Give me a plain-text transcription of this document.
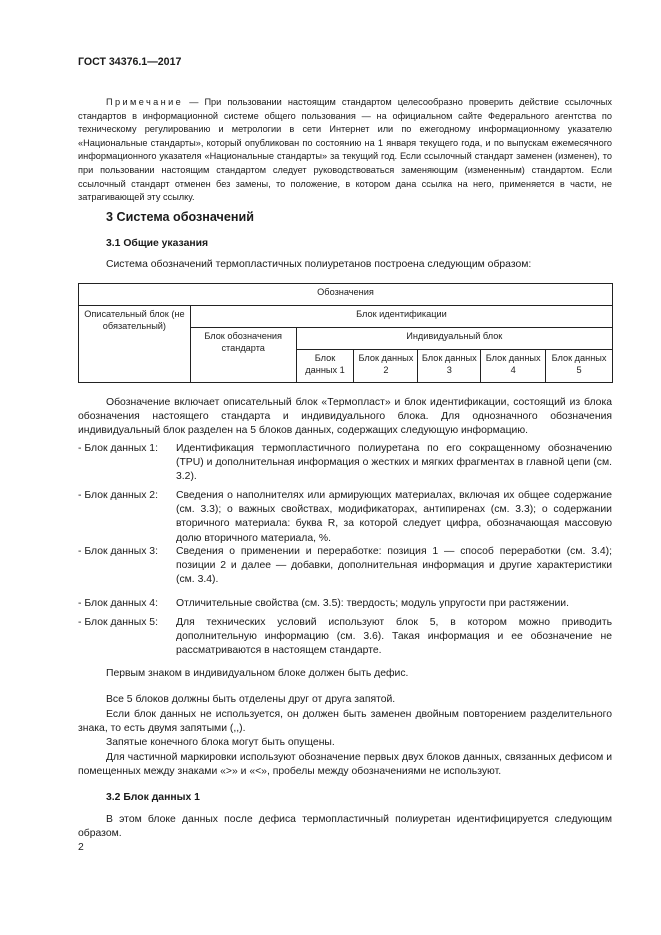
ГОСТ 34376.1—2017
Примечание — При пользовании настоящим стандартом целесообразно проверить действие ссылочных стандартов в информационной системе общего пользования — на официальном сайте Федерального агентства по техническому регулированию и метрологии в сети Интернет или по ежегодному информационному указателю «Национальные стандарты», который опубликован по состоянию на 1 января текущего года, и по выпускам ежемесячного информационного указателя «Национальные стандарты» за текущий год. Если ссылочный стандарт заменен (изменен), то при пользовании настоящим стандартом следует руководствоваться заменяющим (измененным) стандартом. Если ссылочный стандарт отменен без замены, то положение, в котором дана ссылка на него, применяется в части, не затрагивающей эту ссылку.
3 Система обозначений
3.1 Общие указания
Система обозначений термопластичных полиуретанов построена следующим образом:
Обозначения						
Описательный блок (не обязательный)	Блок идентификации					
	Блок обозначения стандарта	Индивидуальный блок				
		Блок данных 1	Блок данных 2	Блок данных 3	Блок данных 4	Блок данных 5
Обозначение включает описательный блок «Термопласт» и блок идентификации, состоящий из блока обозначения настоящего стандарта и индивидуального блока. Для однозначного обозначения индивидуальный блок разделен на 5 блоков данных, содержащих следующую информацию.
- Блок данных 1:	Идентификация термопластичного полиуретана по его сокращенному обозначению (TPU) и дополнительная информация о жестких и мягких фрагментах в главной цепи (см. 3.2).
- Блок данных 2:	Сведения о наполнителях или армирующих материалах, включая их общее содержание (см. 3.3); о важных свойствах, модификаторах, антипиренах (см. 3.3); о содержании вторичного материала: буква R, за которой следует цифра, обозначающая массовую долю вторичного материала, %.
- Блок данных 3:	Сведения о применении и переработке: позиция 1 — способ переработки (см. 3.4); позиции 2 и далее — добавки, дополнительная информация и другие характеристики (см. 3.4).
- Блок данных 4:	Отличительные свойства (см. 3.5): твердость; модуль упругости при растяжении.
- Блок данных 5:	Для технических условий используют блок 5, в котором можно приводить дополнительную информацию (см. 3.6). Такая информация и ее обозначение не рассматриваются в настоящем стандарте.
Первым знаком в индивидуальном блоке должен быть дефис.
Все 5 блоков должны быть отделены друг от друга запятой.
Если блок данных не используется, он должен быть заменен двойным повторением разделительного знака, то есть двумя запятыми (,,).
Запятые конечного блока могут быть опущены.
Для частичной маркировки используют обозначение первых двух блоков данных, связанных дефисом и помещенных между знаками «>» и «<», пробелы между обозначениями не используют.
3.2 Блок данных 1
В этом блоке данных после дефиса термопластичный полиуретан идентифицируется следующим образом.
2
